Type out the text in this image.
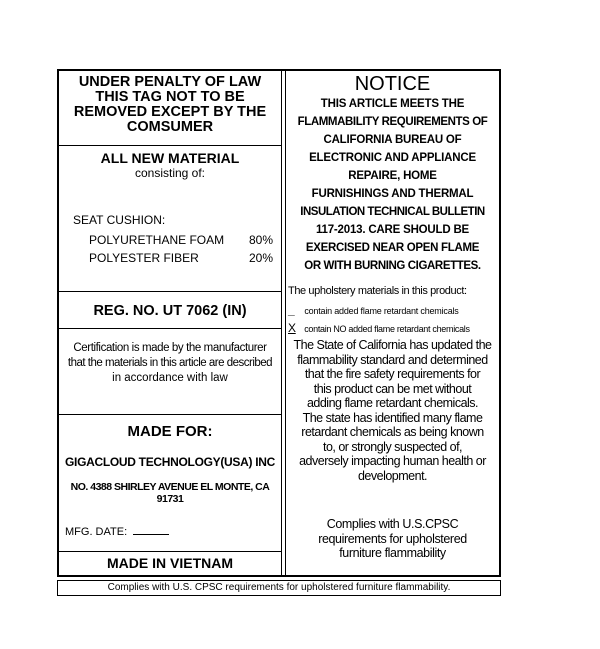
UNDER PENALTY OF LAW
THIS TAG NOT TO BE
REMOVED EXCEPT BY THE
COMSUMER
ALL NEW MATERIAL
consisting of:
SEAT CUSHION:
POLYURETHANE FOAM 80%
POLYESTER FIBER	20%
REG. NO. UT 7062 (IN)
Certification is made by the manufacturer
that the materials in this article are described
in accordance with law
MADE FOR:
GIGACLOUD TECHNOLOGY(USA) INC
NO. 4388 SHIRLEY AVENUE EL MONTE, CA 91731
MFG. DATE:
MADE IN VIETNAM
NOTICE
THIS ARTICLE MEETS THE
FLAMMABILITY REQUIREMENTS OF
CALIFORNIA BUREAU OF
ELECTRONIC AND APPLIANCE
REPAIRE, HOME
FURNISHINGS AND THERMAL
INSULATION TECHNICAL BULLETIN
117-2013. CARE SHOULD BE
EXERCISED NEAR OPEN FLAME
OR WITH BURNING CIGARETTES.
The upholstery materials in this product:
_ contain added flame retardant chemicals
X contain NO added flame retardant chemicals
The State of California has updated the
flammability standard and determined
that the fire safety requirements for
this product can be met without
adding flame retardant chemicals.
The state has identified many flame
retardant chemicals as being known
to, or strongly suspected of,
adversely impacting human health or
development.
Complies with U.S.CPSC
requirements for upholstered
furniture flammability
Complies with U.S. CPSC requirements for upholstered furniture flammability.
